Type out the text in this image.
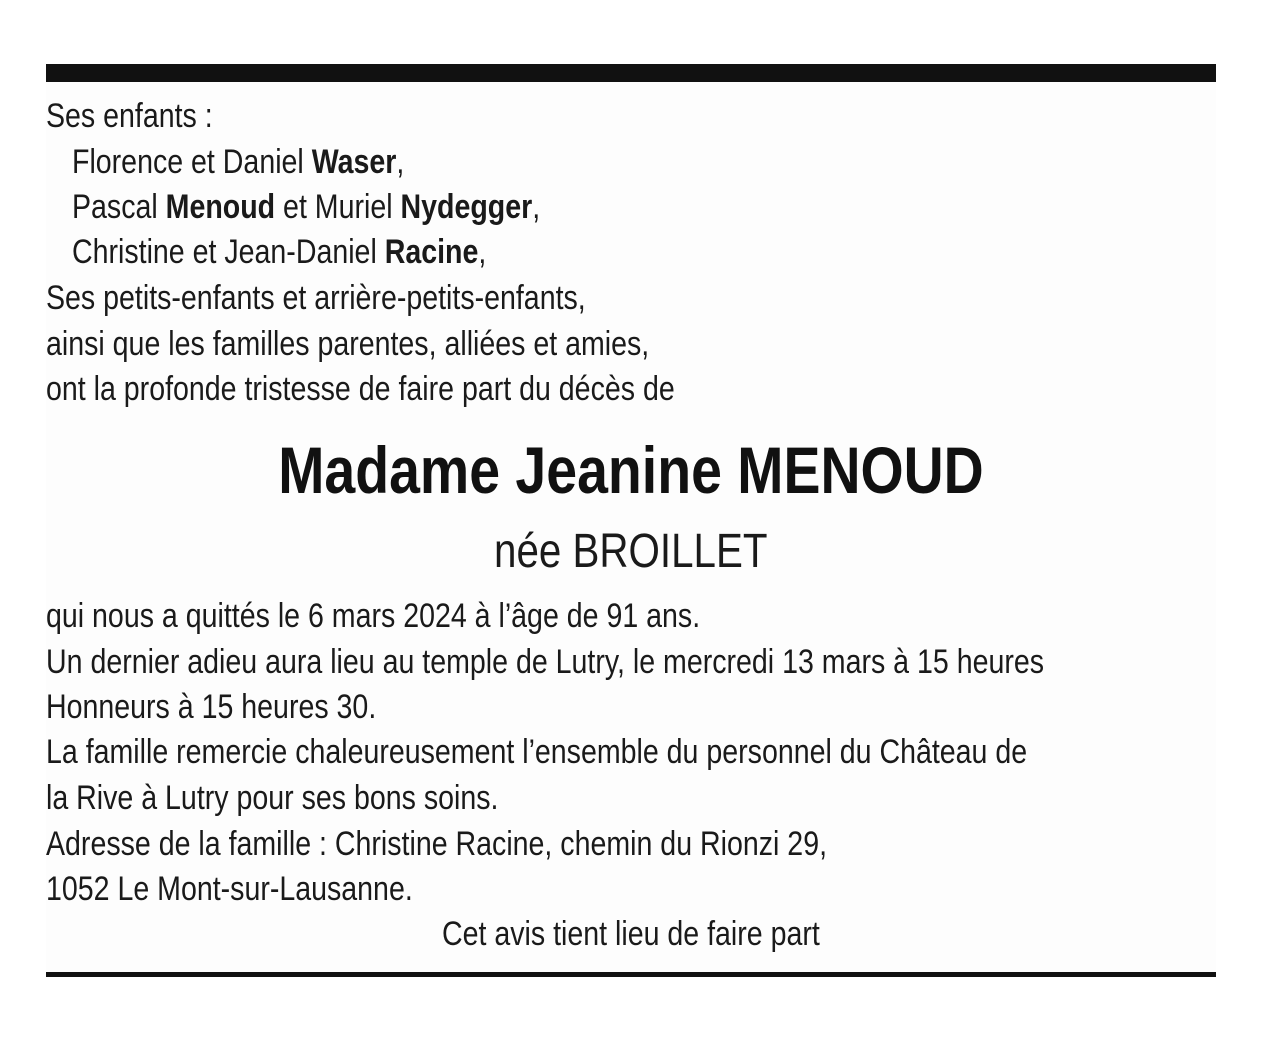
Ses enfants :
Florence et Daniel Waser,
Pascal Menoud et Muriel Nydegger,
Christine et Jean-Daniel Racine,
Ses petits-enfants et arrière-petits-enfants,
ainsi que les familles parentes, alliées et amies,
ont la profonde tristesse de faire part du décès de
Madame Jeanine MENOUD
née BROILLET
qui nous a quittés le 6 mars 2024 à l’âge de 91 ans.
Un dernier adieu aura lieu au temple de Lutry, le mercredi 13 mars à 15 heures
Honneurs à 15 heures 30.
La famille remercie chaleureusement l’ensemble du personnel du Château de
la Rive à Lutry pour ses bons soins.
Adresse de la famille : Christine Racine, chemin du Rionzi 29,
1052 Le Mont-sur-Lausanne.
Cet avis tient lieu de faire part
